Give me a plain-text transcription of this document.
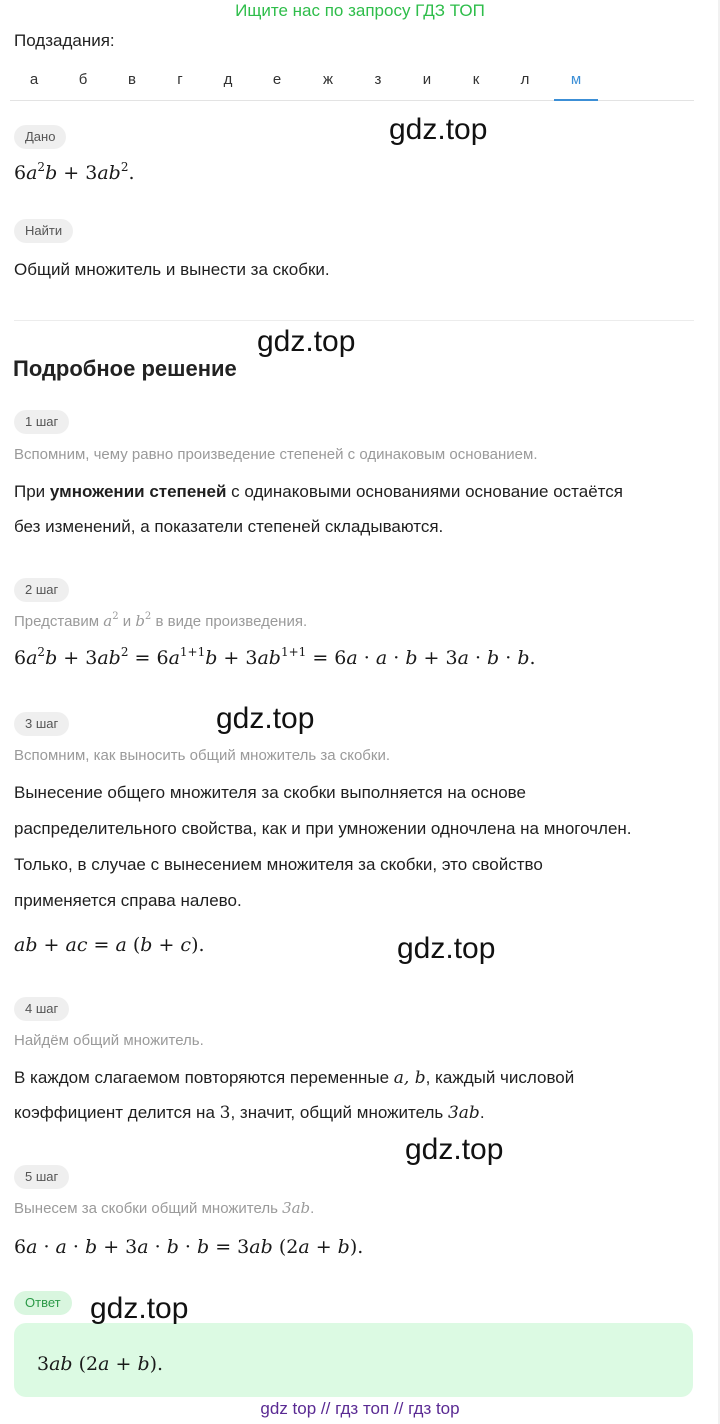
Ищите нас по запросу ГДЗ ТОП
Подзадания:
а	б	в	г	д	е	ж	з	и	к	л	м
Дано
$6a^2b + 3ab^2$.
Найти
Общий множитель и вынести за скобки.
Подробное решение
1 шаг
Вспомним, чему равно произведение степеней с одинаковым основанием.
При умножении степеней с одинаковыми основаниями основание остаётся
без изменений, а показатели степеней складываются.
2 шаг
Представим $a^2$ и $b^2$ в виде произведения.
$6a^2b + 3ab^2 = 6a^{1+1}b + 3ab^{1+1} = 6a \cdot a \cdot b + 3a \cdot b \cdot b$.
3 шаг
Вспомним, как выносить общий множитель за скобки.
Вынесение общего множителя за скобки выполняется на основе
распределительного свойства, как и при умножении одночлена на многочлен.
Только, в случае с вынесением множителя за скобки, это свойство
применяется справа налево.
ab + ac = a (b + c).
4 шаг
Найдём общий множитель.
В каждом слагаемом повторяются переменные a, b, каждый числовой
коэффициент делится на 3, значит, общий множитель 3ab.
5 шаг
Вынесем за скобки общий множитель 3ab.
6a · a · b + 3a · b · b = 3ab (2a + b).
Ответ
3ab (2a + b).
gdz.top
gdz.top
gdz.top
gdz.top
gdz.top
gdz.top
gdz top // гдз топ // гдз top
